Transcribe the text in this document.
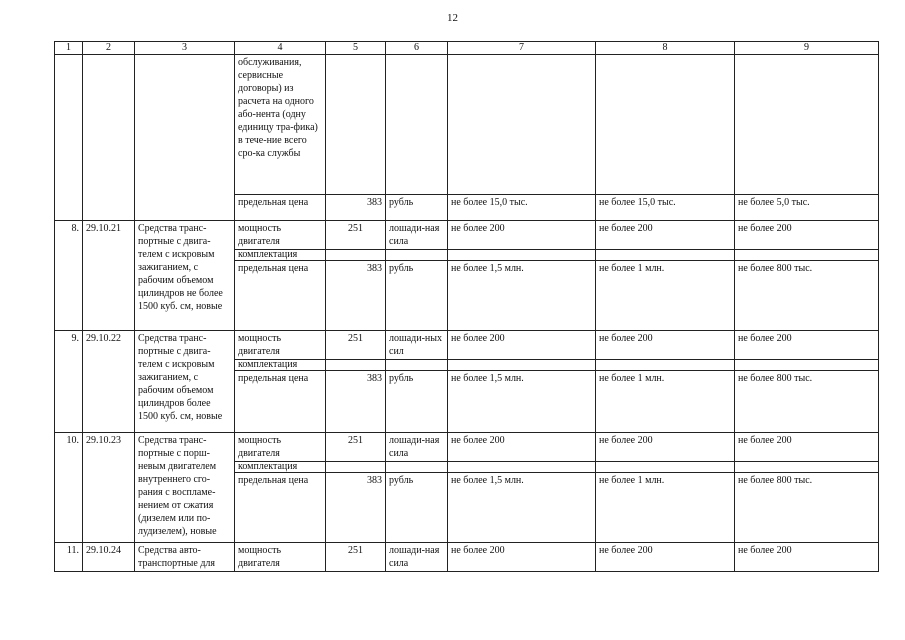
12
1	2	3	4	5	6	7	8	9
			обслуживания, сервисные договоры) из расчета на одного або-нента (одну единицу тра-фика) в тече-ние всего сро-ка службы					
			предельная цена	383	рубль	не более 15,0 тыс.	не более 15,0 тыс.	не более 5,0 тыс.
8.	29.10.21	Средства транс-портные с двига-телем с искровым зажиганием, с рабочим объемом цилиндров не более 1500 куб. см, новые	мощность двигателя	251	лошади-ная сила	не более 200	не более 200	не более 200
			комплектация					
			предельная цена	383	рубль	не более 1,5 млн.	не более 1 млн.	не более 800 тыс.
9.	29.10.22	Средства транс-портные с двига-телем с искровым зажиганием, с рабочим объемом цилиндров более 1500 куб. см, новые	мощность двигателя	251	лошади-ных сил	не более 200	не более 200	не более 200
			комплектация					
			предельная цена	383	рубль	не более 1,5 млн.	не более 1 млн.	не более 800 тыс.
10.	29.10.23	Средства транс-портные с порш-невым двигателем внутреннего сго-рания с воспламе-нением от сжатия (дизелем или по-лудизелем), новые	мощность двигателя	251	лошади-ная сила	не более 200	не более 200	не более 200
			комплектация					
			предельная цена	383	рубль	не более 1,5 млн.	не более 1 млн.	не более 800 тыс.
11.	29.10.24	Средства авто-транспортные для	мощность двигателя	251	лошади-ная сила	не более 200	не более 200	не более 200
